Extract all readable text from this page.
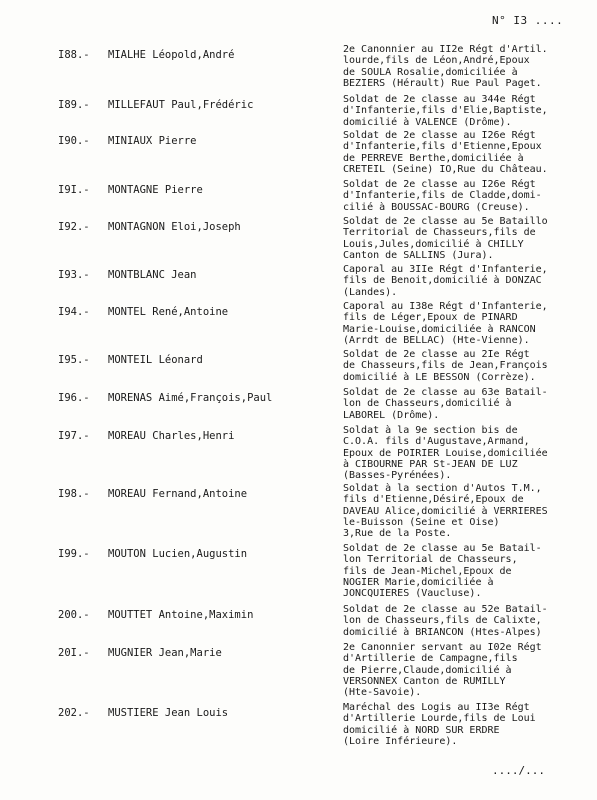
N° I3 ....
I88.- MIALHE Léopold,André	2e Canonnier au II2e Régt d'Artil.
lourde,fils de Léon,André,Epoux
de SOULA Rosalie,domiciliée à
BEZIERS (Hérault) Rue Paul Paget.
I89.- MILLEFAUT Paul,Frédéric	Soldat de 2e classe au 344e Régt
d'Infanterie,fils d'Elie,Baptiste,
domicilié à VALENCE (Drôme).
I90.- MINIAUX Pierre	Soldat de 2e classe au I26e Régt
d'Infanterie,fils d'Etienne,Epoux
de PERREVE Berthe,domiciliée à
CRETEIL (Seine) IO,Rue du Château.
I9I.- MONTAGNE Pierre	Soldat de 2e classe au I26e Régt
d'Infanterie,fils de Cladde,domi-
cilié à BOUSSAC-BOURG (Creuse).
I92.- MONTAGNON Eloi,Joseph	Soldat de 2e classe au 5e Bataillo
Territorial de Chasseurs,fils de
Louis,Jules,domicilié à CHILLY
Canton de SALLINS (Jura).
I93.- MONTBLANC Jean	Caporal au 3IIe Régt d'Infanterie,
fils de Benoit,domicilié à DONZAC
(Landes).
I94.- MONTEL René,Antoine	Caporal au I38e Régt d'Infanterie,
fils de Léger,Epoux de PINARD
Marie-Louise,domiciliée à RANCON
(Arrdt de BELLAC) (Hte-Vienne).
I95.- MONTEIL Léonard	Soldat de 2e classe au 2Ie Régt
de Chasseurs,fils de Jean,François
domicilié à LE BESSON (Corrèze).
I96.- MORENAS Aimé,François,Paul	Soldat de 2e classe au 63e Batail-
lon de Chasseurs,domicilié à
LABOREL (Drôme).
I97.- MOREAU Charles,Henri	Soldat à la 9e section bis de
C.O.A. fils d'Augustave,Armand,
Epoux de POIRIER Louise,domiciliée
à CIBOURNE PAR St-JEAN DE LUZ
(Basses-Pyrénées).
I98.- MOREAU Fernand,Antoine	Soldat à la section d'Autos T.M.,
fils d'Etienne,Désiré,Epoux de
DAVEAU Alice,domicilié à VERRIERES
le-Buisson (Seine et Oise)
3,Rue de la Poste.
I99.- MOUTON Lucien,Augustin	Soldat de 2e classe au 5e Batail-
lon Territorial de Chasseurs,
fils de Jean-Michel,Epoux de
NOGIER Marie,domiciliée à
JONCQUIERES (Vaucluse).
200.- MOUTTET Antoine,Maximin	Soldat de 2e classe au 52e Batail-
lon de Chasseurs,fils de Calixte,
domicilié à BRIANCON (Htes-Alpes)
20I.- MUGNIER Jean,Marie	2e Canonnier servant au I02e Régt
d'Artillerie de Campagne,fils
de Pierre,Claude,domicilié à
VERSONNEX Canton de RUMILLY
(Hte-Savoie).
202.- MUSTIERE Jean Louis	Maréchal des Logis au II3e Régt
d'Artillerie Lourde,fils de Loui
domicilié à NORD SUR ERDRE
(Loire Inférieure).
..../...
